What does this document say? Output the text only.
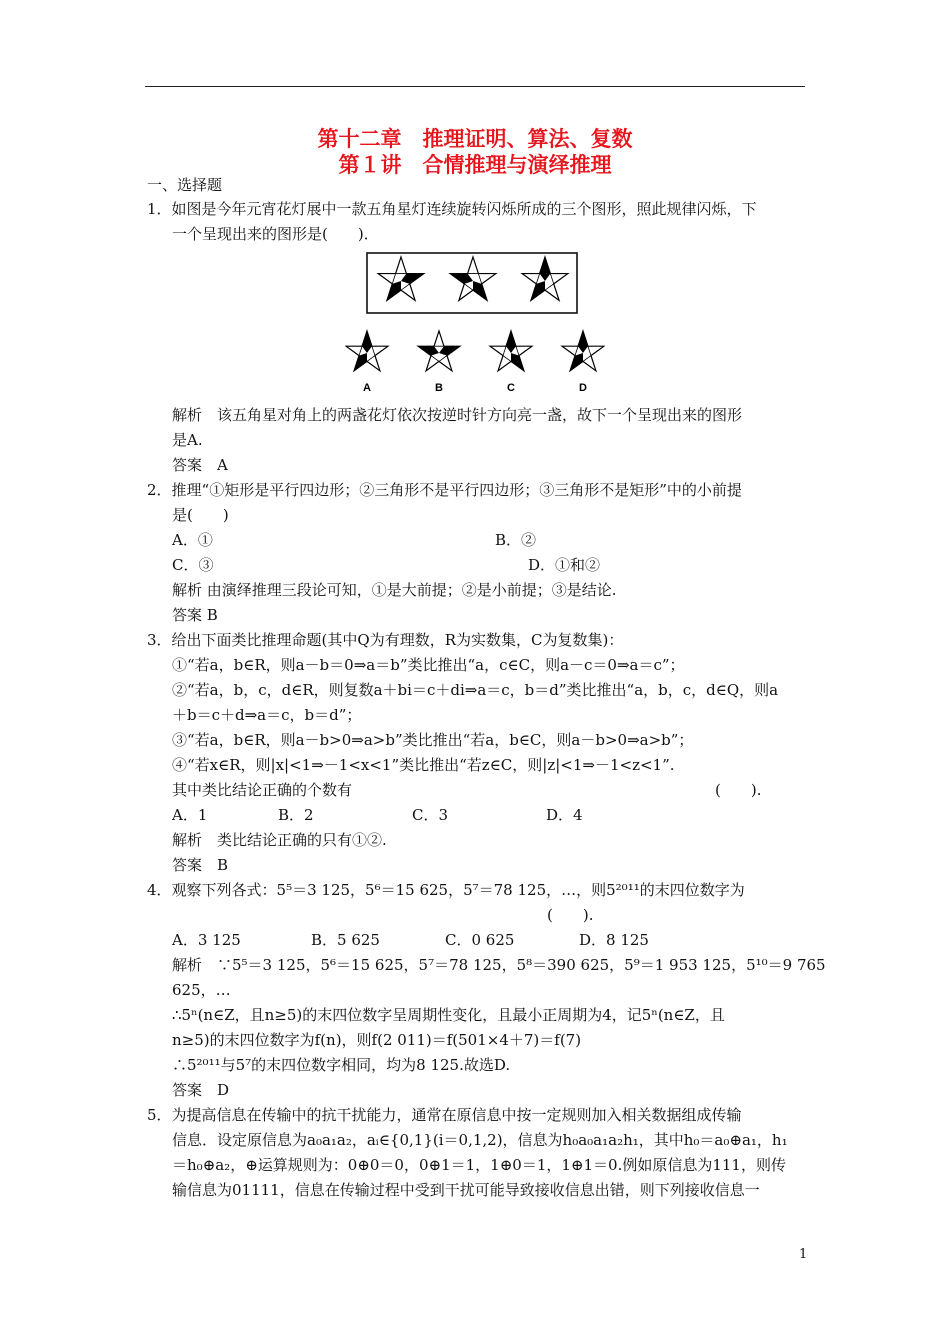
第十二章　推理证明、算法、复数
第１讲　合情推理与演绎推理
一、选择题
1．如图是今年元宵花灯展中一款五角星灯连续旋转闪烁所成的三个图形，照此规律闪烁，下
一个呈现出来的图形是(　　)．
解析　该五角星对角上的两盏花灯依次按逆时针方向亮一盏，故下一个呈现出来的图形
是A.
答案　A
2．推理“①矩形是平行四边形；②三角形不是平行四边形；③三角形不是矩形”中的小前提
是(　　)
A．①	B．②
C．③	D．①和②
解析 由演绎推理三段论可知，①是大前提；②是小前提；③是结论.
答案 B
3．给出下面类比推理命题(其中Q为有理数，R为实数集，C为复数集)：
①“若a，b∈R，则a－b＝0⇒a＝b”类比推出“a，c∈C，则a－c＝0⇒a＝c”；
②“若a，b，c，d∈R，则复数a＋bi＝c＋di⇒a＝c，b＝d”类比推出“a，b，c，d∈Q，则a
＋b＝c＋d⇒a＝c，b＝d”；
③“若a，b∈R，则a－b>0⇒a>b”类比推出“若a，b∈C，则a－b>0⇒a>b”；
④“若x∈R，则|x|<1⇒－1<x<1”类比推出“若z∈C，则|z|<1⇒－1<z<1”.
其中类比结论正确的个数有	(　　).
A．1	B．2	C．3	D．4
解析　类比结论正确的只有①②.
答案　B
4．观察下列各式：5⁵＝3 125，5⁶＝15 625，5⁷＝78 125，…，则5²⁰¹¹的末四位数字为
(　　).
A．3 125	B．5 625	C．0 625	D．8 125
解析　∵5⁵＝3 125，5⁶＝15 625，5⁷＝78 125，5⁸＝390 625，5⁹＝1 953 125，5¹⁰＝9 765
625，…
∴5ⁿ(n∈Z，且n≥5)的末四位数字呈周期性变化，且最小正周期为4，记5ⁿ(n∈Z，且
n≥5)的末四位数字为f(n)，则f(2 011)＝f(501×4＋7)＝f(7)
∴5²⁰¹¹与5⁷的末四位数字相同，均为8 125.故选D.
答案　D
5．为提高信息在传输中的抗干扰能力，通常在原信息中按一定规则加入相关数据组成传输
信息．设定原信息为a₀a₁a₂，aᵢ∈{0,1}(i＝0,1,2)，信息为h₀a₀a₁a₂h₁，其中h₀＝a₀⊕a₁，h₁
＝h₀⊕a₂，⊕运算规则为：0⊕0＝0，0⊕1＝1，1⊕0＝1，1⊕1＝0.例如原信息为111，则传
输信息为01111，信息在传输过程中受到干扰可能导致接收信息出错，则下列接收信息一
A	B	C	D
1
